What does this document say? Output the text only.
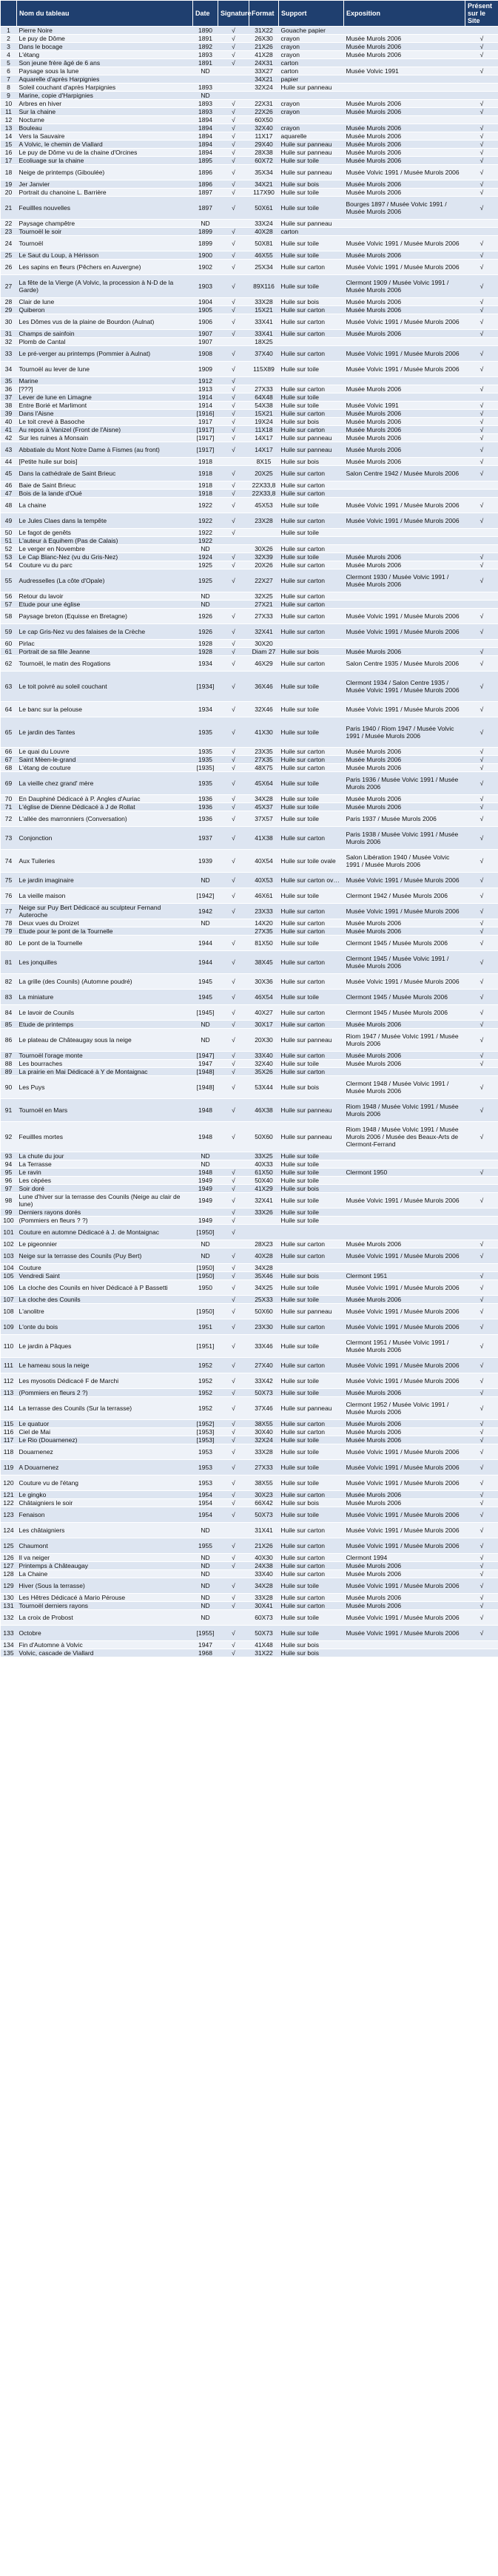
	Nom du tableau	Date	Signature	Format	Support	Exposition	Présent sur le Site
1	Pierre Noire	1890	√	31X22	Gouache papier		
2	Le puy de Dôme	1891	√	26X30	crayon	Musée Murols 2006	√
3	Dans le bocage	1892	√	21X26	crayon	Musée Murols 2006	√
4	L'étang	1893	√	41X28	crayon	Musée Murols 2006	√
5	Son jeune frère âgé de 6 ans	1891	√	24X31	carton		
6	Paysage sous la lune	ND		33X27	carton	Musée Volvic 1991	√
7	Aquarelle d'après Harpignies			34X21	papier		
8	Soleil couchant d'après Harpignies	1893		32X24	Huile sur panneau		
9	Marine, copie d'Harpignies	ND					
10	Arbres en hiver	1893	√	22X31	crayon	Musée Murols 2006	√
11	Sur la chaine	1893	√	22X26	crayon	Musée Murols 2006	√
12	Nocturne	1894	√	60X50			
13	Bouleau	1894	√	32X40	crayon	Musée Murols 2006	√
14	Vers la Sauvaire	1894	√	11X17	aquarelle	Musée Murols 2006	√
15	A Volvic, le chemin de Viallard	1894	√	29X40	Huile sur panneau	Musée Murols 2006	√
16	Le puy de Dôme vu de la chaine d'Orcines	1894	√	28X38	Huile sur panneau	Musée Murols 2006	√
17	Ecoliuage sur la chaine	1895	√	60X72	Huile sur toile	Musée Murols 2006	√
18	Neige de printemps (Giboulée)	1896	√	35X34	Huile sur panneau	Musée Volvic 1991 / Musée Murols 2006	√
19	Jer Janvier	1896	√	34X21	Huile sur bois	Musée Murols 2006	√
20	Portrait du chanoine L. Barrière	1897	√	117X90	Huile sur toile	Musée Murols 2006	√
21	Feuillles nouvelles	1897	√	50X61	Huile sur toile	Bourges 1897 / Musée Volvic 1991 / Musée Murols 2006	√
22	Paysage champêtre	ND		33X24	Huile sur panneau		
23	Tournoël le soir	1899	√	40X28	carton		
24	Tournoël	1899	√	50X81	Huile sur toile	Musée Volvic 1991 / Musée Murols 2006	√
25	Le Saut du Loup, à Hérisson	1900	√	46X55	Huile sur toile	Musée Murols 2006	√
26	Les sapins en fleurs (Pêchers en Auvergne)	1902	√	25X34	Huile sur carton	Musée Volvic 1991 / Musée Murols 2006	√
27	La fête de la Vierge (A Volvic, la procession à N-D de la Garde)	1903	√	89X116	Huile sur toile	Clermont 1909 / Musée Volvic 1991 / Musée Murols 2006	√
28	Clair de lune	1904	√	33X28	Huile sur bois	Musée Murols 2006	√
29	Quiberon	1905	√	15X21	Huile sur carton	Musée Murols 2006	√
30	Les Dômes vus de la plaine de Bourdon (Aulnat)	1906	√	33X41	Huile sur carton	Musée Volvic 1991 / Musée Murols 2006	√
31	Champs de sainfoin	1907	√	33X41	Huile sur carton	Musée Murols 2006	√
32	Plomb de Cantal	1907		18X25			
33	Le pré-verger au printemps (Pommier à Aulnat)	1908	√	37X40	Huile sur carton	Musée Volvic 1991 / Musée Murols 2006	√
34	Tournoël au lever de lune	1909	√	115X89	Huile sur toile	Musée Volvic 1991 / Musée Murols 2006	√
35	Marine	1912	√				
36	[???]	1913	√	27X33	Huile sur carton	Musée Murols 2006	√
37	Lever de lune en Limagne	1914	√	64X48	Huile sur toile		
38	Entre Borié et Marlimont	1914	√	54X38	Huile sur toile	Musée Volvic 1991	√
39	Dans l'Aisne	[1916]	√	15X21	Huile sur carton	Musée Murols 2006	√
40	Le toit crevé à Basoche	1917	√	19X24	Huile sur bois	Musée Murols 2006	√
41	Au repos à Vanizel (Front de l'Aisne)	[1917]	√	11X18	Huile sur carton	Musée Murols 2006	√
42	Sur les ruines à Monsain	[1917]	√	14X17	Huile sur panneau	Musée Murols 2006	√
43	Abbatiale du Mont Notre Dame à Fismes (au front)	[1917]	√	14X17	Huile sur panneau	Musée Murols 2006	√
44	[Petite huile sur bois]	1918		8X15	Huile sur bois	Musée Murols 2006	√
45	Dans la cathédrale de Saint Brieuc	1918	√	20X25	Huile sur carton	Salon Centre 1942 / Musée Murols 2006	√
46	Baie de Saint Brieuc	1918	√	22X33,8	Huile sur carton		
47	Bois de la lande d'Oué	1918	√	22X33,8	Huile sur carton		
48	La chaine	1922	√	45X53	Huile sur toile	Musée Volvic 1991 / Musée Murols 2006	√
49	Le Jules Claes dans la tempête	1922	√	23X28	Huile sur carton	Musée Volvic 1991 / Musée Murols 2006	√
50	Le fagot de genêts	1922	√		Huile sur toile		
51	L'auteur à Equihem (Pas de Calais)	1922					
52	Le verger en Novembre	ND		30X26	Huile sur carton		
53	Le Cap Blanc-Nez (vu du Gris-Nez)	1924	√	32X39	Huile sur toile	Musée Murols 2006	√
54	Couture vu du parc	1925	√	20X26	Huile sur carton	Musée Murols 2006	√
55	Audresselles (La côte d'Opale)	1925	√	22X27	Huile sur carton	Clermont 1930 / Musée Volvic 1991 / Musée Murols 2006	√
56	Retour du lavoir	ND		32X25	Huile sur carton		
57	Etude pour une église	ND		27X21	Huile sur carton		
58	Paysage breton (Equisse en Bretagne)	1926	√	27X33	Huile sur carton	Musée Volvic 1991 / Musée Murols 2006	√
59	Le cap Gris-Nez vu des falaises de la Crèche	1926	√	32X41	Huile sur carton	Musée Volvic 1991 / Musée Murols 2006	√
60	Pirlac	1928	√	30X20			
61	Portrait de sa fille Jeanne	1928	√	Diam 27	Huile sur bois	Musée Murols 2006	√
62	Tournoël, le matin des Rogations	1934	√	46X29	Huile sur carton	Salon Centre 1935 / Musée Murols 2006	√
63	Le toit poivré au soleil couchant	[1934]	√	36X46	Huile sur toile	Clermont 1934 / Salon Centre 1935 / Musée Volvic 1991 / Musée Murols 2006	√
64	Le banc sur la pelouse	1934	√	32X46	Huile sur toile	Musée Volvic 1991 / Musée Murols 2006	√
65	Le jardin des Tantes	1935	√	41X30	Huile sur toile	Paris 1940 / Riom 1947 / Musée Volvic 1991 / Musée Murols 2006	√
66	Le quai du Louvre	1935	√	23X35	Huile sur carton	Musée Murols 2006	√
67	Saint Mèen-le-grand	1935	√	27X35	Huile sur carton	Musée Murols 2006	√
68	L'étang de couture	[1935]	√	48X75	Huile sur carton	Musée Murols 2006	√
69	La vieille chez grand' mère	1935	√	45X64	Huile sur toile	Paris 1936 / Musée Volvic 1991 / Musée Murols 2006	√
70	En Dauphiné Dédicacé à P. Angles d'Auriac	1936	√	34X28	Huile sur toile	Musée Murols 2006	√
71	L'église de Dienne Dédicacé à J de Rollat	1936	√	45X37	Huile sur toile	Musée Murols 2006	√
72	L'allée des marronniers (Conversation)	1936	√	37X57	Huile sur toile	Paris 1937 / Musée Murols 2006	√
73	Conjonction	1937	√	41X38	Huile sur carton	Paris 1938 / Musée Volvic 1991 / Musée Murols 2006	√
74	Aux Tuileries	1939	√	40X54	Huile sur toile ovale	Salon Libération 1940 / Musée Volvic 1991 / Musée Murols 2006	√
75	Le jardin imaginaire	ND	√	40X53	Huile sur carton ovale	Musée Volvic 1991 / Musée Murols 2006	√
76	La vieille maison	[1942]	√	46X61	Huile sur toile	Clermont 1942 / Musée Murols 2006	√
77	Neige sur Puy Bert Dédicacé au sculpteur Fernand Auteroche	1942	√	23X33	Huile sur carton	Musée Volvic 1991 / Musée Murols 2006	√
78	Deux vues du Droizet	ND		14X20	Huile sur carton	Musée Murols 2006	√
79	Etude pour le pont de la Tournelle			27X35	Huile sur carton	Musée Murols 2006	√
80	Le pont de la Tournelle	1944	√	81X50	Huile sur toile	Clermont 1945 / Musée Murols 2006	√
81	Les jonquilles	1944	√	38X45	Huile sur carton	Clermont 1945 / Musée Volvic 1991 / Musée Murols 2006	√
82	La grille (des Counils) (Automne poudré)	1945	√	30X36	Huile sur carton	Musée Volvic 1991 / Musée Murols 2006	√
83	La miniature	1945	√	46X54	Huile sur toile	Clermont 1945 / Musée Murols 2006	√
84	Le lavoir de Counils	[1945]	√	40X27	Huile sur carton	Clermont 1945 / Musée Murols 2006	√
85	Etude de printemps	ND	√	30X17	Huile sur carton	Musée Murols 2006	√
86	Le plateau de Châteaugay sous la neige	ND	√	20X30	Huile sur panneau	Riom 1947 / Musée Volvic 1991 / Musée Murols 2006	√
87	Tournoël l'orage monte	[1947]	√	33X40	Huile sur carton	Musée Murols 2006	√
88	Les bourraches	1947	√	32X40	Huile sur toile	Musée Murols 2006	√
89	La prairie en Mai Dédicacé à Y de Montaignac	[1948]	√	35X26	Huile sur carton		
90	Les Puys	[1948]	√	53X44	Huile sur bois	Clermont 1948 / Musée Volvic 1991 / Musée Murols 2006	√
91	Tournoël en Mars	1948	√	46X38	Huile sur panneau	Riom 1948 / Musée Volvic 1991 / Musée Murols 2006	√
92	Feuillles mortes	1948	√	50X60	Huile sur panneau	Riom 1948 / Musée Volvic 1991 / Musée Murols 2006 / Musée des Beaux-Arts de Clermont-Ferrand	√
93	La chute du jour	ND		33X25	Huile sur toile		
94	La Terrasse	ND		40X33	Huile sur toile		
95	Le ravin	1948	√	61X50	Huile sur toile	Clermont 1950	√
96	Les cèpées	1949	√	50X40	Huile sur toile		
97	Soir doré	1949	√	41X29	Huile sur bois		
98	Lune d'hiver sur la terrasse des Counils (Neige au clair de lune)	1949	√	32X41	Huile sur toile	Musée Volvic 1991 / Musée Murols 2006	√
99	Derniers rayons dorés		√	33X26	Huile sur toile		
100	(Pommiers en fleurs ? ?)	1949	√		Huile sur toile		
101	Couture en automne Dédicacé à J. de Montaignac	[1950]	√				
102	Le pigeonnier	ND		28X23	Huile sur carton	Musée Murols 2006	√
103	Neige sur la terrasse des Counils (Puy Bert)	ND	√	40X28	Huile sur carton	Musée Volvic 1991 / Musée Murols 2006	√
104	Couture	[1950]	√	34X28			
105	Vendredi Saint	[1950]	√	35X46	Huile sur bois	Clermont 1951	√
106	La cloche des Counils en hiver Dédicacé à P Bassetti	1950	√	34X25	Huile sur toile	Musée Volvic 1991 / Musée Murols 2006	√
107	La cloche des Counils		√	25X33	Huile sur toile	Musée Murols 2006	√
108	L'anolitre	[1950]	√	50X60	Huile sur panneau	Musée Volvic 1991 / Musée Murols 2006	√
109	L'onte du bois	1951	√	23X30	Huile sur carton	Musée Volvic 1991 / Musée Murols 2006	√
110	Le jardin à Pâques	[1951]	√	33X46	Huile sur toile	Clermont 1951 / Musée Volvic 1991 / Musée Murols 2006	√
111	Le hameau sous la neige	1952	√	27X40	Huile sur carton	Musée Volvic 1991 / Musée Murols 2006	√
112	Les myosotis Dédicacé F de Marchi	1952	√	33X42	Huile sur toile	Musée Volvic 1991 / Musée Murols 2006	√
113	(Pommiers en fleurs 2 ?)	1952	√	50X73	Huile sur toile	Musée Murols 2006	√
114	La terrasse des Counils (Sur la terrasse)	1952	√	37X46	Huile sur panneau	Clermont 1952 / Musée Volvic 1991 / Musée Murols 2006	√
115	Le quatuor	[1952]	√	38X55	Huile sur carton	Musée Murols 2006	√
116	Ciel de Mai	[1953]	√	30X40	Huile sur carton	Musée Murols 2006	√
117	Le Rio (Douarnenez)	[1953]	√	32X24	Huile sur toile	Musée Murols 2006	√
118	Douarnenez	1953	√	33X28	Huile sur toile	Musée Volvic 1991 / Musée Murols 2006	√
119	A Douarnenez	1953	√	27X33	Huile sur toile	Musée Volvic 1991 / Musée Murols 2006	√
120	Couture vu de l'étang	1953	√	38X55	Huile sur toile	Musée Volvic 1991 / Musée Murols 2006	√
121	Le gingko	1954	√	30X23	Huile sur carton	Musée Murols 2006	√
122	Châtaigniers le soir	1954	√	66X42	Huile sur bois	Musée Murols 2006	√
123	Fenaison	1954	√	50X73	Huile sur toile	Musée Volvic 1991 / Musée Murols 2006	√
124	Les châtaigniers	ND		31X41	Huile sur carton	Musée Volvic 1991 / Musée Murols 2006	√
125	Chaumont	1955	√	21X26	Huile sur carton	Musée Volvic 1991 / Musée Murols 2006	√
126	Il va neiger	ND	√	40X30	Huile sur carton	Clermont 1994	√
127	Printemps à Châteaugay	ND	√	24X38	Huile sur carton	Musée Murols 2006	√
128	La Chaine	ND		33X40	Huile sur carton	Musée Murols 2006	√
129	Hiver (Sous la terrasse)	ND	√	34X28	Huile sur toile	Musée Volvic 1991 / Musée Murols 2006	√
130	Les Hêtres Dédicacé à Mario Pérouse	ND	√	33X28	Huile sur carton	Musée Murols 2006	√
131	Tournoël derniers rayons	ND	√	30X41	Huile sur carton	Musée Murols 2006	√
132	La croix de Probost	ND		60X73	Huile sur toile	Musée Volvic 1991 / Musée Murols 2006	√
133	Octobre	[1955]	√	50X73	Huile sur toile	Musée Volvic 1991 / Musée Murols 2006	√
134	Fin d'Automne à Volvic	1947	√	41X48	Huile sur bois		
135	Volvic, cascade de Viallard	1968	√	31X22	Huile sur bois		
